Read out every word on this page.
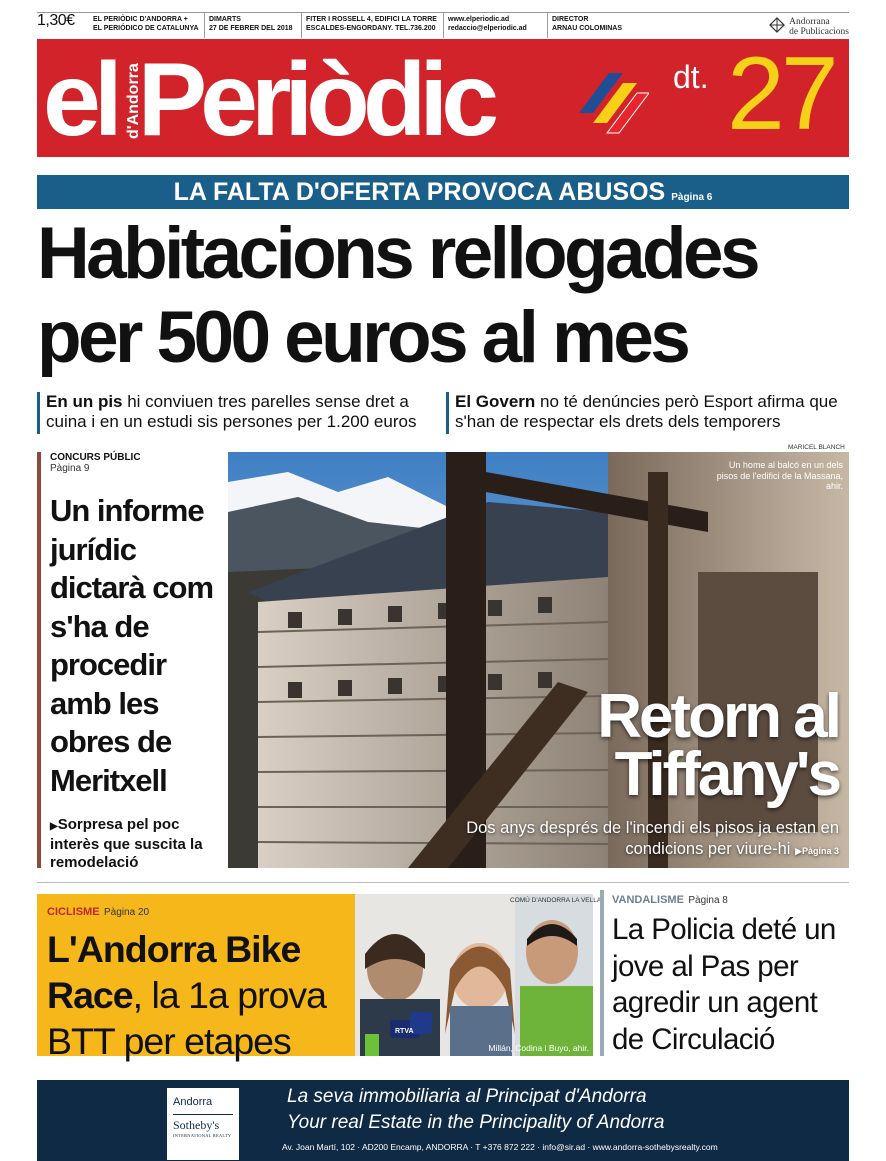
1,30€	EL PERIÒDIC D'ANDORRA +
EL PERIÓDICO DE CATALUNYA
DIMARTS
27 DE FEBRER DEL 2018
FITER I ROSSELL 4, EDIFICI LA TORRE
ESCALDES-ENGORDANY. TEL.736.200
www.elperiodic.ad
redaccio@elperiodic.ad
DIRECTOR
ARNAU COLOMINAS
Andorrana
de Publicacions
el Periòdic
d'Andorra	dt. 27
LA FALTA D'OFERTA PROVOCA ABUSOS Pàgina 6
Habitacions rellogades
per 500 euros al mes
En un pis hi conviuen tres parelles sense dret a cuina i en un estudi sis persones per 1.200 euros
El Govern no té denúncies però Esport afirma que s'han de respectar els drets dels temporers
MARICEL BLANCH
CONCURS PÚBLIC
Pàgina 9
Un informe jurídic dictarà com s'ha de procedir amb les obres de Meritxell
▶Sorpresa pel poc interès que suscita la remodelació
Un home al balcó en un dels pisos de l'edifici de la Massana, ahir.
Retorn al
Tiffany's
Dos anys després de l'incendi els pisos ja estan en condicions per viure-hi ▶Pàgina 3
CICLISME Pàgina 20
L'Andorra Bike Race, la 1a prova BTT per etapes	RTVA
Millán, Codina i Buyo, ahir.
COMÚ D'ANDORRA LA VELLA VANDALISME Pàgina 8
La Policia deté un jove al Pas per agredir un agent de Circulació
Andorra
Sotheby's
INTERNATIONAL REALTY
La seva immobiliaria al Principat d'Andorra
Your real Estate in the Principality of Andorra
Av. Joan Martí, 102 · AD200 Encamp, ANDORRA · T +376 872 222 · info@sir.ad · www.andorra-sothebysrealty.com
